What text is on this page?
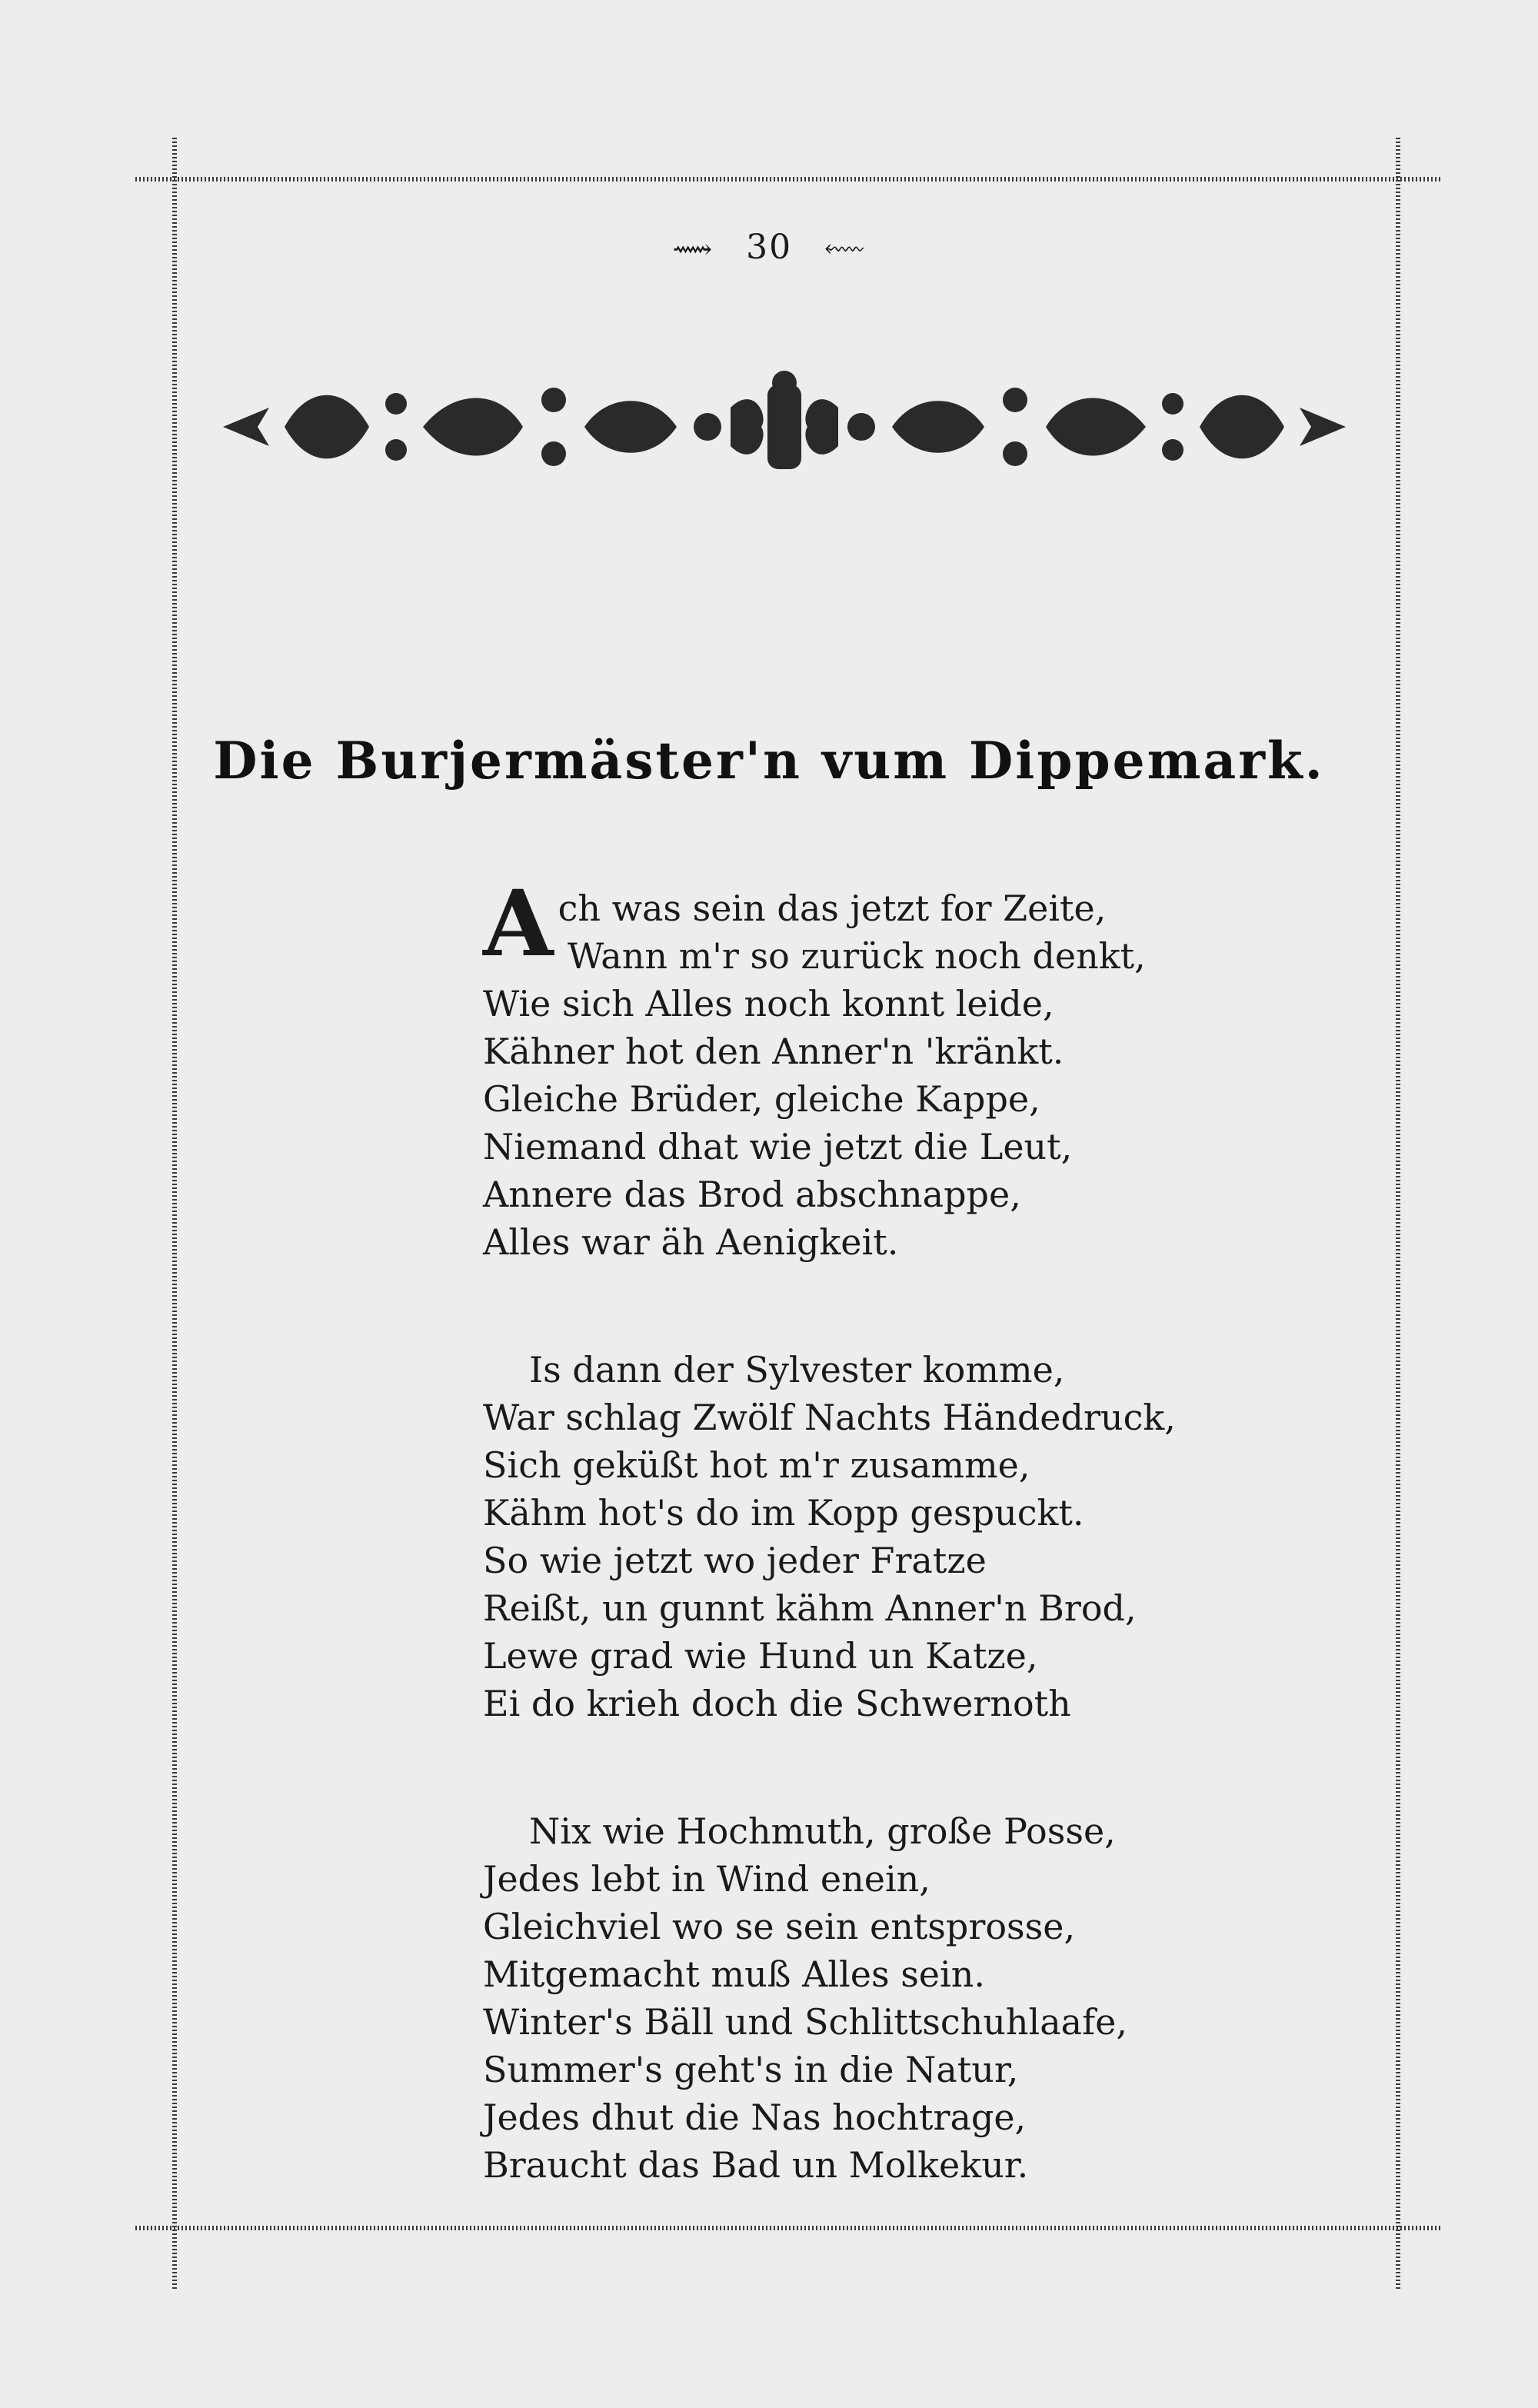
⟿ 30 ⬳
Die Burjermäster'n vum Dippemark.
Ach was sein das jetzt for Zeite,
Wann m'r so zurück noch denkt,
Wie sich Alles noch konnt leide,
Kähner hot den Anner'n 'kränkt.
Gleiche Brüder, gleiche Kappe,
Niemand dhat wie jetzt die Leut,
Annere das Brod abschnappe,
Alles war äh Aenigkeit.
Is dann der Sylvester komme,
War schlag Zwölf Nachts Händedruck,
Sich geküßt hot m'r zusamme,
Kähm hot's do im Kopp gespuckt.
So wie jetzt wo jeder Fratze
Reißt, un gunnt kähm Anner'n Brod,
Lewe grad wie Hund un Katze,
Ei do krieh doch die Schwernoth
Nix wie Hochmuth, große Posse,
Jedes lebt in Wind enein,
Gleichviel wo se sein entsprosse,
Mitgemacht muß Alles sein.
Winter's Bäll und Schlittschuhlaafe,
Summer's geht's in die Natur,
Jedes dhut die Nas hochtrage,
Braucht das Bad un Molkekur.
